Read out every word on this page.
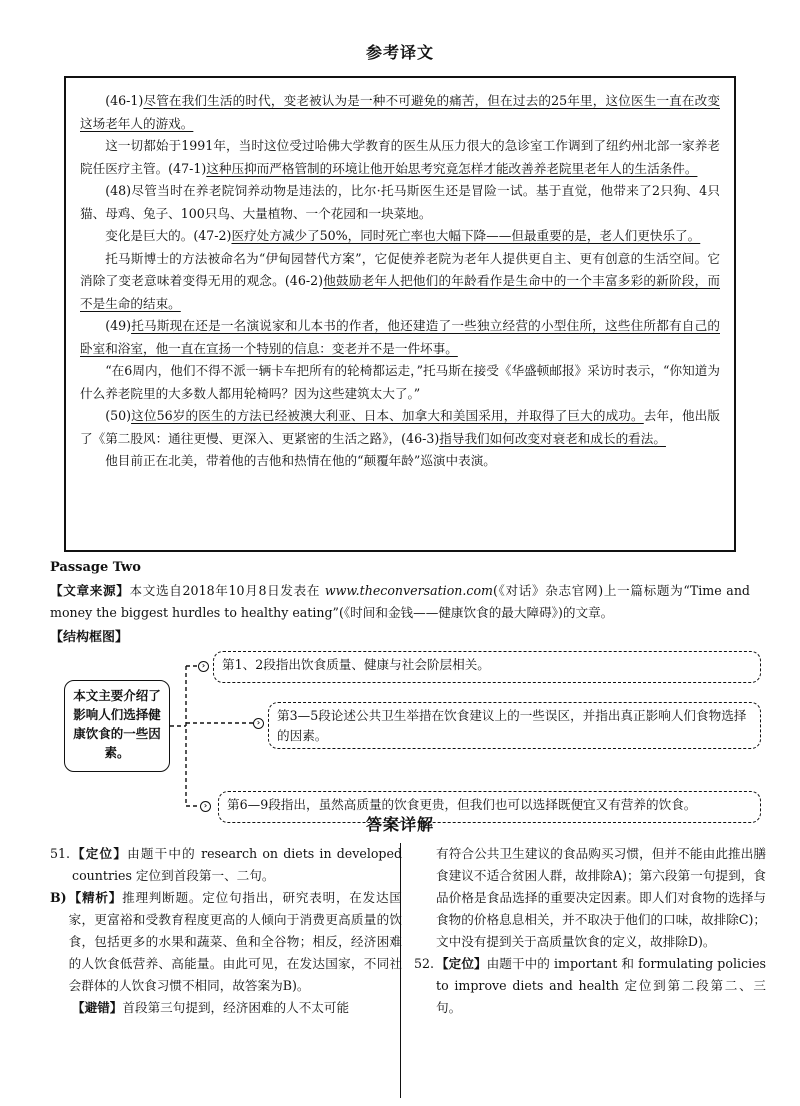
参考译文

(46-1)尽管在我们生活的时代，变老被认为是一种不可避免的痛苦，但在过去的25年里，这位医生一直在改变这场老年人的游戏。

这一切都始于1991年，当时这位受过哈佛大学教育的医生从压力很大的急诊室工作调到了纽约州北部一家养老院任医疗主管。(47-1)这种压抑而严格管制的环境让他开始思考究竟怎样才能改善养老院里老年人的生活条件。

(48)尽管当时在养老院饲养动物是违法的，比尔·托马斯医生还是冒险一试。基于直觉，他带来了2只狗、4只猫、母鸡、兔子、100只鸟、大量植物、一个花园和一块菜地。

变化是巨大的。(47-2)医疗处方减少了50%，同时死亡率也大幅下降——但最重要的是，老人们更快乐了。

托马斯博士的方法被命名为“伊甸园替代方案”，它促使养老院为老年人提供更自主、更有创意的生活空间。它消除了变老意味着变得无用的观念。(46-2)他鼓励老年人把他们的年龄看作是生命中的一个丰富多彩的新阶段，而不是生命的结束。

(49)托马斯现在还是一名演说家和儿本书的作者，他还建造了一些独立经营的小型住所，这些住所都有自己的卧室和浴室，他一直在宣扬一个特别的信息：变老并不是一件坏事。

“在6周内，他们不得不派一辆卡车把所有的轮椅都运走，”托马斯在接受《华盛顿邮报》采访时表示，“你知道为什么养老院里的大多数人都用轮椅吗？因为这些建筑太大了。”

(50)这位56岁的医生的方法已经被澳大利亚、日本、加拿大和美国采用，并取得了巨大的成功。去年，他出版了《第二股风：通往更慢、更深入、更紧密的生活之路》，(46-3)指导我们如何改变对衰老和成长的看法。

他目前正在北美，带着他的吉他和热情在他的“颠覆年龄”巡演中表演。

Passage Two
【文章来源】本文选自2018年10月8日发表在 www.theconversation.com(《对话》杂志官网)上一篇标题为“Time and money the biggest hurdles to healthy eating”(《时间和金钱——健康饮食的最大障碍》)的文章。
【结构框图】
本文主要介绍了影响人们选择健康饮食的一些因素。
›
›
›
第1、2段指出饮食质量、健康与社会阶层相关。
第3—5段论述公共卫生举措在饮食建议上的一些误区，并指出真正影响人们食物选择的因素。
第6—9段指出，虽然高质量的饮食更贵，但我们也可以选择既便宜又有营养的饮食。
答案详解
51. 【定位】由题干中的 research on diets in developed countries 定位到首段第一、二句。
B) 【精析】推理判断题。定位句指出，研究表明，在发达国家，更富裕和受教育程度更高的人倾向于消费更高质量的饮食，包括更多的水果和蔬菜、鱼和全谷物；相反，经济困难的人饮食低营养、高能量。由此可见，在发达国家，不同社会群体的人饮食习惯不相同，故答案为B)。
【避错】首段第三句提到，经济困难的人不太可能
有符合公共卫生建议的食品购买习惯，但并不能由此推出膳食建议不适合贫困人群，故排除A)；第六段第一句提到，食品价格是食品选择的重要决定因素。即人们对食物的选择与食物的价格息息相关，并不取决于他们的口味，故排除C)；文中没有提到关于高质量饮食的定义，故排除D)。
52. 【定位】由题干中的 important 和 formulating policies to improve diets and health 定位到第二段第二、三句。
